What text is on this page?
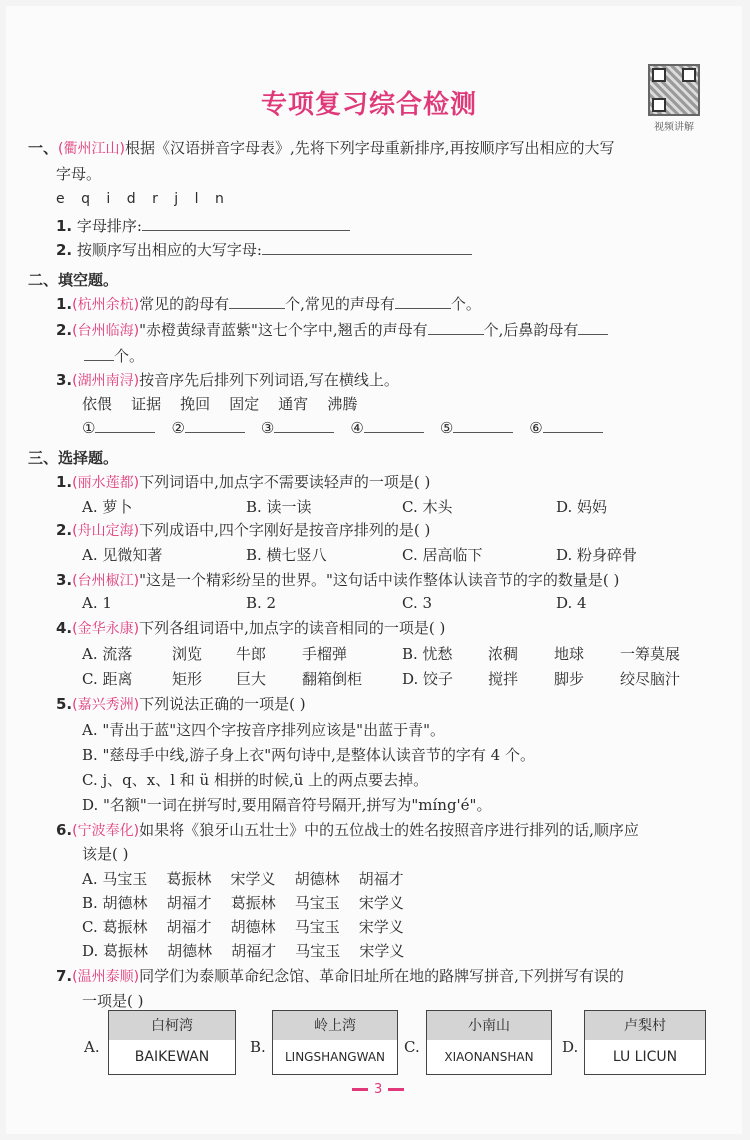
专项复习综合检测
视频讲解
一、(衢州江山)根据《汉语拼音字母表》,先将下列字母重新排序,再按顺序写出相应的大写
字母。
e q i d r j l n
1. 字母排序:
2. 按顺序写出相应的大写字母:
二、填空题。
1.(杭州余杭)常见的韵母有	个,常见的声母有	个。
2.(台州临海)"赤橙黄绿青蓝紫"这七个字中,翘舌的声母有	个,后鼻韵母有
个。
3.(湖州南浔)按音序先后排列下列词语,写在横线上。
依偎    证据    挽回    固定    通宵    沸腾
①	②	③	④	⑤	⑥
三、选择题。
1.(丽水莲都)下列词语中,加点字不需要读轻声的一项是( )
A. 萝卜	B. 读一读	C. 木头	D. 妈妈
2.(舟山定海)下列成语中,四个字刚好是按音序排列的是( )
A. 见微知著	B. 横七竖八	C. 居高临下	D. 粉身碎骨
3.(台州椒江)"这是一个精彩纷呈的世界。"这句话中读作整体认读音节的字的数量是( )
A. 1	B. 2	C. 3	D. 4
4.(金华永康)下列各组词语中,加点字的读音相同的一项是( )
A. 流落	浏览 牛郎 手榴弹	B. 忧愁 浓稠 地球 一筹莫展
C. 距离	矩形 巨大 翻箱倒柜	D. 饺子 搅拌 脚步 绞尽脑汁
5.(嘉兴秀洲)下列说法正确的一项是( )
A. "青出于蓝"这四个字按音序排列应该是"出蓝于青"。
B. "慈母手中线,游子身上衣"两句诗中,是整体认读音节的字有 4 个。
C. j、q、x、l 和 ü 相拼的时候,ü 上的两点要去掉。
D. "名额"一词在拼写时,要用隔音符号隔开,拼写为"míng'é"。
6.(宁波奉化)如果将《狼牙山五壮士》中的五位战士的姓名按照音序进行排列的话,顺序应
该是( )
A. 马宝玉    葛振林    宋学义    胡德林    胡福才
B. 胡德林    胡福才    葛振林    马宝玉    宋学义
C. 葛振林    胡福才    胡德林    马宝玉    宋学义
D. 葛振林    胡德林    胡福才    马宝玉    宋学义
7.(温州泰顺)同学们为泰顺革命纪念馆、革命旧址所在地的路牌写拼音,下列拼写有误的
一项是( )
A.
白柯湾
BAIKEWAN
B.
岭上湾
LINGSHANGWAN
C.
小南山
XIAONANSHAN
D.
卢梨村
LU LICUN
3
